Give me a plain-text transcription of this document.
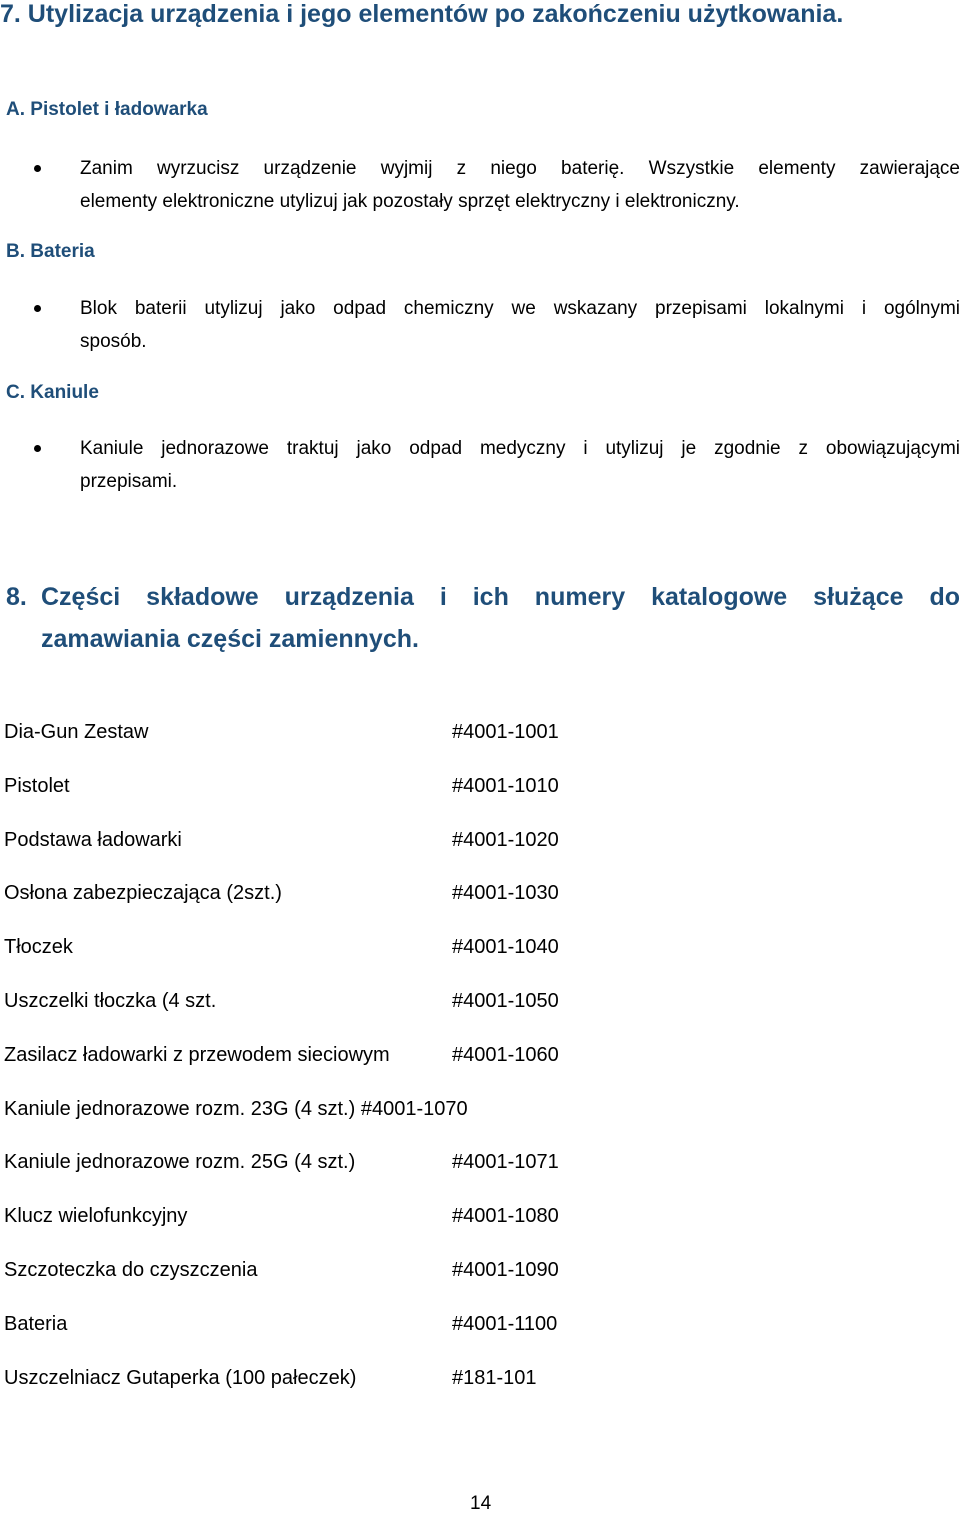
7. Utylizacja urządzenia i jego elementów po zakończeniu użytkowania.
A. Pistolet i ładowarka
Zanim wyrzucisz urządzenie wyjmij z niego baterię. Wszystkie elementy zawierające
elementy elektroniczne utylizuj jak pozostały sprzęt elektryczny i elektroniczny.
B. Bateria
Blok baterii utylizuj jako odpad chemiczny we wskazany przepisami lokalnymi i ogólnymi
sposób.
C. Kaniule
Kaniule jednorazowe traktuj jako odpad medyczny i utylizuj je zgodnie z obowiązującymi
przepisami.
8. Części składowe urządzenia i ich numery katalogowe służące do
zamawiania części zamiennych.
Dia-Gun Zestaw	#4001-1001
Pistolet	#4001-1010
Podstawa ładowarki	#4001-1020
Osłona zabezpieczająca (2szt.)	#4001-1030
Tłoczek	#4001-1040
Uszczelki tłoczka (4 szt.	#4001-1050
Zasilacz ładowarki z przewodem sieciowym	#4001-1060
Kaniule jednorazowe rozm. 23G (4 szt.) #4001-1070
Kaniule jednorazowe rozm. 25G (4 szt.)	#4001-1071
Klucz wielofunkcyjny	#4001-1080
Szczoteczka do czyszczenia	#4001-1090
Bateria	#4001-1100
Uszczelniacz Gutaperka (100 pałeczek)	#181-101
14
